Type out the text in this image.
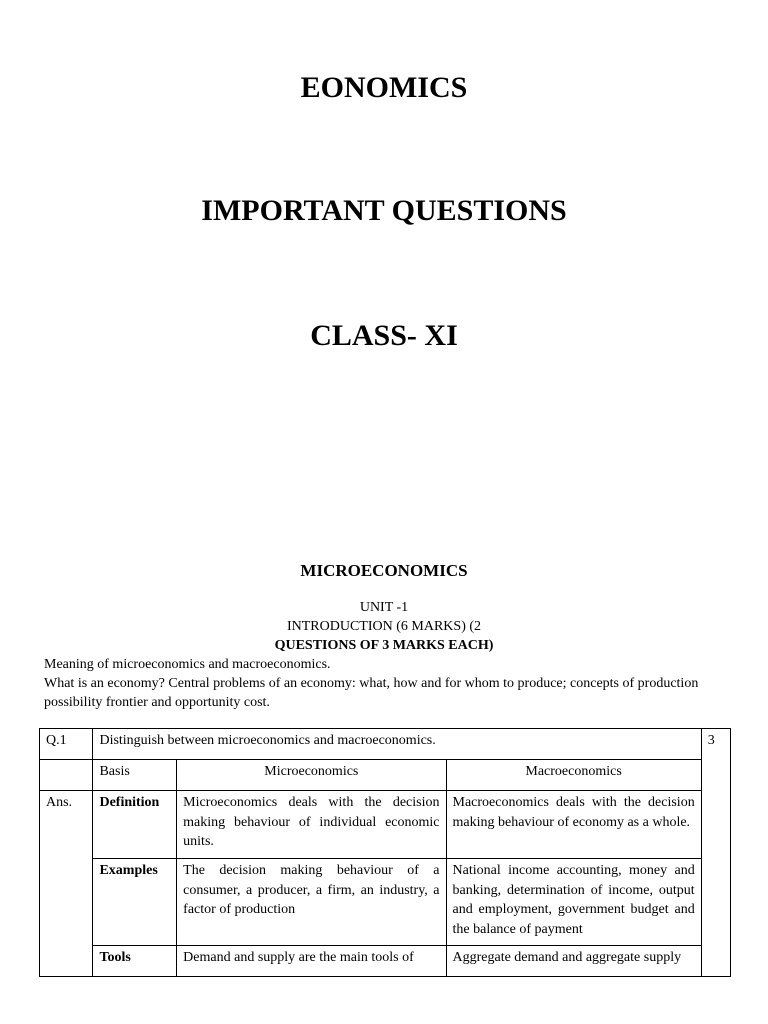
EONOMICS
IMPORTANT QUESTIONS
CLASS- XI
MICROECONOMICS

UNIT -1

INTRODUCTION (6 MARKS) (2

QUESTIONS OF 3 MARKS EACH)

Meaning of microeconomics and macroeconomics.

What is an economy? Central problems of an economy: what, how and for whom to produce; concepts of production possibility frontier and opportunity cost.

Q.1	Distinguish between microeconomics and macroeconomics.			3
	Basis	Microeconomics	Macroeconomics	
Ans.	Definition	Microeconomics deals with the decision making behaviour of individual economic units.	Macroeconomics deals with the decision making behaviour of economy as a whole.	
	Examples	The decision making behaviour of a consumer, a producer, a firm, an industry, a factor of production	National income accounting, money and banking, determination of income, output and employment, government budget and the balance of payment	
	Tools	Demand and supply are the main tools of	Aggregate demand and aggregate supply	
